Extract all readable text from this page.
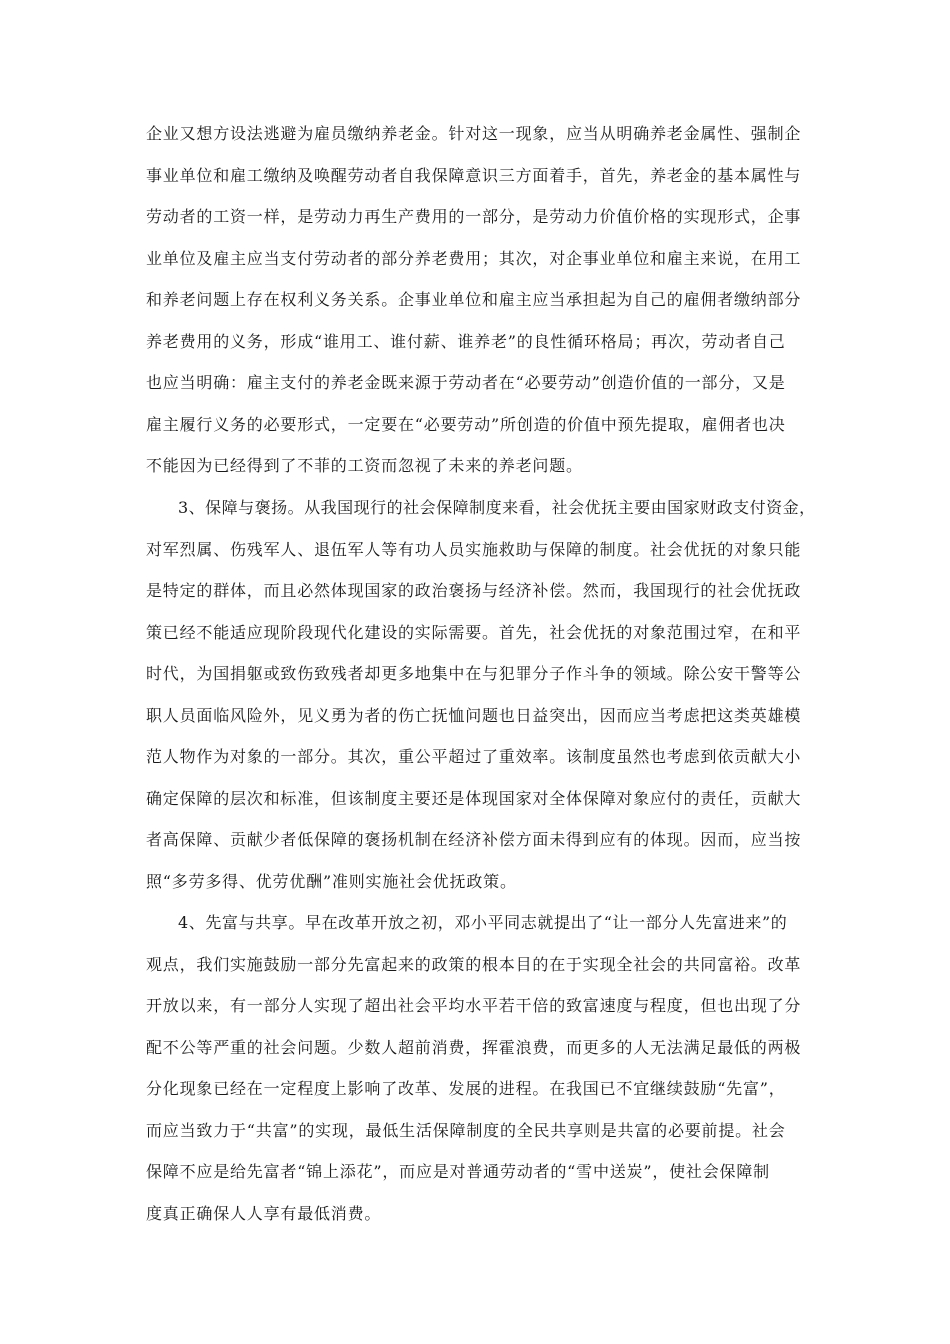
企业又想方设法逃避为雇员缴纳养老金。针对这一现象，应当从明确养老金属性、强制企

事业单位和雇工缴纳及唤醒劳动者自我保障意识三方面着手，首先，养老金的基本属性与

劳动者的工资一样，是劳动力再生产费用的一部分，是劳动力价值价格的实现形式，企事

业单位及雇主应当支付劳动者的部分养老费用；其次，对企事业单位和雇主来说，在用工

和养老问题上存在权利义务关系。企事业单位和雇主应当承担起为自己的雇佣者缴纳部分

养老费用的义务，形成“谁用工、谁付薪、谁养老”的良性循环格局；再次，劳动者自己

也应当明确：雇主支付的养老金既来源于劳动者在“必要劳动”创造价值的一部分，又是

雇主履行义务的必要形式，一定要在“必要劳动”所创造的价值中预先提取，雇佣者也决

不能因为已经得到了不菲的工资而忽视了未来的养老问题。

3、保障与褒扬。从我国现行的社会保障制度来看，社会优抚主要由国家财政支付资金，

对军烈属、伤残军人、退伍军人等有功人员实施救助与保障的制度。社会优抚的对象只能

是特定的群体，而且必然体现国家的政治褒扬与经济补偿。然而，我国现行的社会优抚政

策已经不能适应现阶段现代化建设的实际需要。首先，社会优抚的对象范围过窄，在和平

时代，为国捐躯或致伤致残者却更多地集中在与犯罪分子作斗争的领域。除公安干警等公

职人员面临风险外，见义勇为者的伤亡抚恤问题也日益突出，因而应当考虑把这类英雄模

范人物作为对象的一部分。其次，重公平超过了重效率。该制度虽然也考虑到依贡献大小

确定保障的层次和标准，但该制度主要还是体现国家对全体保障对象应付的责任，贡献大

者高保障、贡献少者低保障的褒扬机制在经济补偿方面未得到应有的体现。因而，应当按

照“多劳多得、优劳优酬”准则实施社会优抚政策。

4、先富与共享。早在改革开放之初，邓小平同志就提出了“让一部分人先富进来”的

观点，我们实施鼓励一部分先富起来的政策的根本目的在于实现全社会的共同富裕。改革

开放以来，有一部分人实现了超出社会平均水平若干倍的致富速度与程度，但也出现了分

配不公等严重的社会问题。少数人超前消费，挥霍浪费，而更多的人无法满足最低的两极

分化现象已经在一定程度上影响了改革、发展的进程。在我国已不宜继续鼓励“先富”，

而应当致力于“共富”的实现，最低生活保障制度的全民共享则是共富的必要前提。社会

保障不应是给先富者“锦上添花”，而应是对普通劳动者的“雪中送炭”，使社会保障制

度真正确保人人享有最低消费。
